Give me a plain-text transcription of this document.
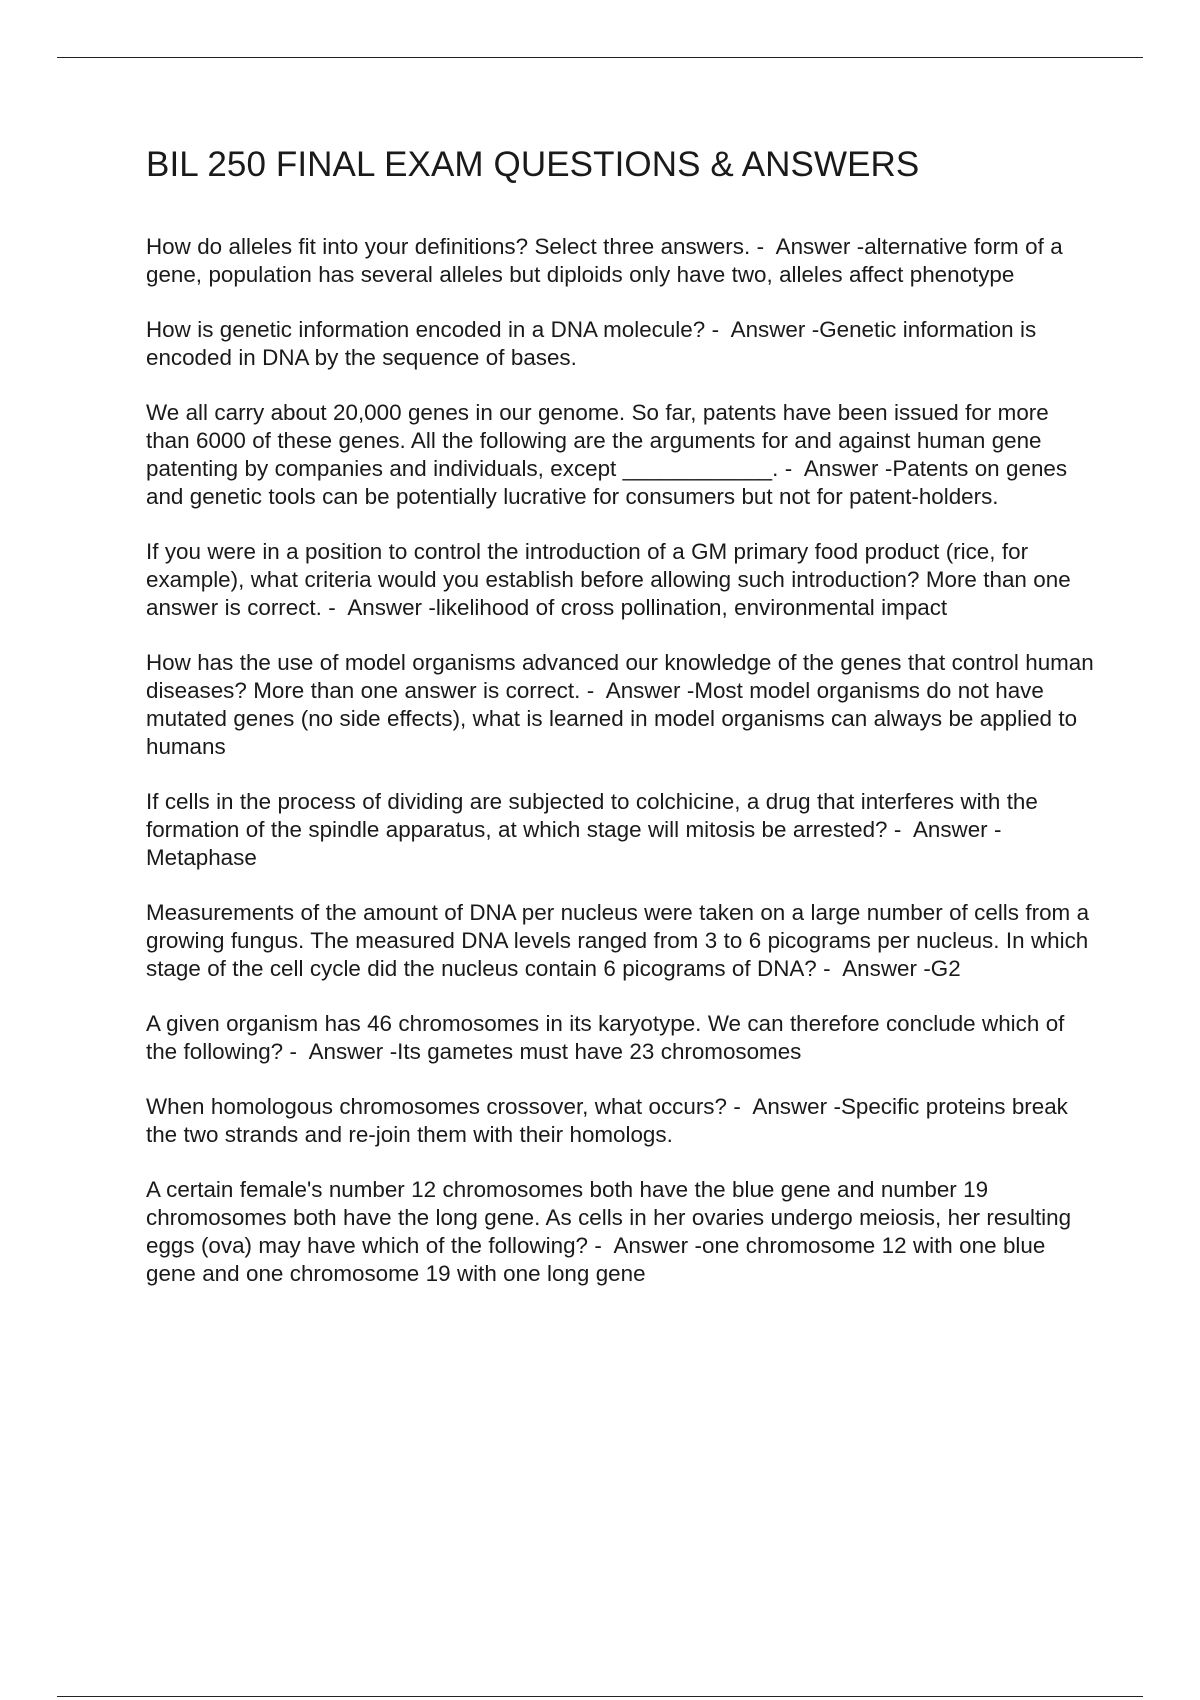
BIL 250 FINAL EXAM QUESTIONS & ANSWERS

How do alleles fit into your definitions? Select three answers. -  Answer -alternative form of a gene, population has several alleles but diploids only have two, alleles affect phenotype

How is genetic information encoded in a DNA molecule? -  Answer -Genetic information is encoded in DNA by the sequence of bases.

We all carry about 20,000 genes in our genome. So far, patents have been issued for more than 6000 of these genes. All the following are the arguments for and against human gene patenting by companies and individuals, except ____________. -  Answer -Patents on genes and genetic tools can be potentially lucrative for consumers but not for patent-holders.

If you were in a position to control the introduction of a GM primary food product (rice, for example), what criteria would you establish before allowing such introduction? More than one answer is correct. -  Answer -likelihood of cross pollination, environmental impact

How has the use of model organisms advanced our knowledge of the genes that control human diseases? More than one answer is correct. -  Answer -Most model organisms do not have mutated genes (no side effects), what is learned in model organisms can always be applied to humans

If cells in the process of dividing are subjected to colchicine, a drug that interferes with the formation of the spindle apparatus, at which stage will mitosis be arrested? -  Answer -Metaphase

Measurements of the amount of DNA per nucleus were taken on a large number of cells from a growing fungus. The measured DNA levels ranged from 3 to 6 picograms per nucleus. In which stage of the cell cycle did the nucleus contain 6 picograms of DNA? -  Answer -G2

A given organism has 46 chromosomes in its karyotype. We can therefore conclude which of the following? -  Answer -Its gametes must have 23 chromosomes

When homologous chromosomes crossover, what occurs? -  Answer -Specific proteins break the two strands and re-join them with their homologs.

A certain female's number 12 chromosomes both have the blue gene and number 19 chromosomes both have the long gene. As cells in her ovaries undergo meiosis, her resulting eggs (ova) may have which of the following? -  Answer -one chromosome 12 with one blue gene and one chromosome 19 with one long gene
